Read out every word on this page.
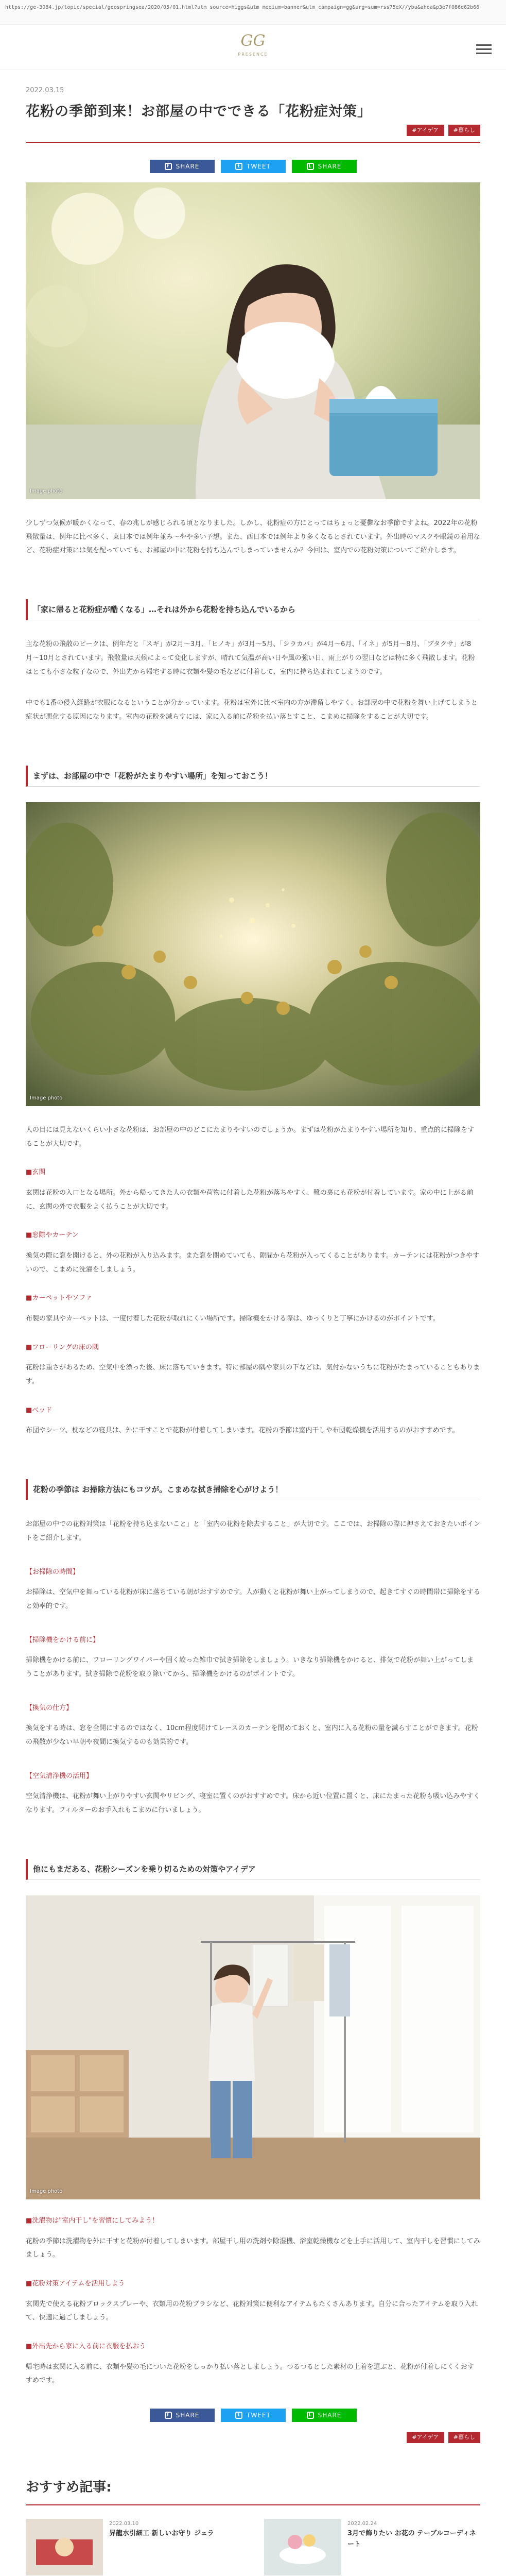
https://ge-3084.jp/topic/special/geospringsea/2020/05/01.html?utm_source=higgs&utm_medium=banner&utm_campaign=gg&urg=sum=rss75eX//ybu&ahoa&p3e7f086d62b66
GG
PRESENCE
2022.03.15
花粉の季節到来！お部屋の中でできる「花粉症対策」
#アイデア	#暮らし
f	SHARE	t	TWEET	L SHARE
Image photo

少しずつ気候が暖かくなって、春の兆しが感じられる頃となりました。しかし、花粉症の方にとってはちょっと憂鬱なお季節ですよね。2022年の花粉飛散量は、例年に比べ多く、東日本では例年並み〜やや多い予想。また、西日本では例年より多くなるとされています。外出時のマスクや眼鏡の着用など、花粉症対策には気を配っていても、お部屋の中に花粉を持ち込んでしまっていませんか？今回は、室内での花粉対策についてご紹介します。

「家に帰ると花粉症が酷くなる」…それは外から花粉を持ち込んでいるから

主な花粉の飛散のピークは、例年だと「スギ」が2月〜3月、「ヒノキ」が3月〜5月、「シラカバ」が4月〜6月、「イネ」が5月〜8月、「ブタクサ」が8月〜10月とされています。飛散量は天候によって変化しますが、晴れて気温が高い日や風の強い日、雨上がりの翌日などは特に多く飛散します。花粉はとても小さな粒子なので、外出先から帰宅する時に衣類や髪の毛などに付着して、室内に持ち込まれてしまうのです。

中でも1番の侵入経路が衣服になるということが分かっています。花粉は室外に比べ室内の方が滞留しやすく、お部屋の中で花粉を舞い上げてしまうと症状が悪化する原因になります。室内の花粉を減らすには、家に入る前に花粉を払い落とすこと、こまめに掃除をすることが大切です。

まずは、お部屋の中で「花粉がたまりやすい場所」を知っておこう！
Image photo

人の目には見えないくらい小さな花粉は、お部屋の中のどこにたまりやすいのでしょうか。まずは花粉がたまりやすい場所を知り、重点的に掃除をすることが大切です。

■玄関

玄関は花粉の入口となる場所。外から帰ってきた人の衣類や荷物に付着した花粉が落ちやすく、靴の裏にも花粉が付着しています。家の中に上がる前に、玄関の外で衣服をよく払うことが大切です。

■窓際やカーテン

換気の際に窓を開けると、外の花粉が入り込みます。また窓を閉めていても、隙間から花粉が入ってくることがあります。カーテンには花粉がつきやすいので、こまめに洗濯をしましょう。

■カーペットやソファ

布製の家具やカーペットは、一度付着した花粉が取れにくい場所です。掃除機をかける際は、ゆっくりと丁寧にかけるのがポイントです。

■フローリングの床の隅

花粉は重さがあるため、空気中を漂った後、床に落ちていきます。特に部屋の隅や家具の下などは、気付かないうちに花粉がたまっていることもあります。

■ベッド

布団やシーツ、枕などの寝具は、外に干すことで花粉が付着してしまいます。花粉の季節は室内干しや布団乾燥機を活用するのがおすすめです。

花粉の季節は お掃除方法にもコツが。こまめな拭き掃除を心がけよう！

お部屋の中での花粉対策は「花粉を持ち込まないこと」と「室内の花粉を除去すること」が大切です。ここでは、お掃除の際に押さえておきたいポイントをご紹介します。

【お掃除の時間】

お掃除は、空気中を舞っている花粉が床に落ちている朝がおすすめです。人が動くと花粉が舞い上がってしまうので、起きてすぐの時間帯に掃除をすると効率的です。

【掃除機をかける前に】

掃除機をかける前に、フローリングワイパーや固く絞った雑巾で拭き掃除をしましょう。いきなり掃除機をかけると、排気で花粉が舞い上がってしまうことがあります。拭き掃除で花粉を取り除いてから、掃除機をかけるのがポイントです。

【換気の仕方】

換気をする時は、窓を全開にするのではなく、10cm程度開けてレースのカーテンを閉めておくと、室内に入る花粉の量を減らすことができます。花粉の飛散が少ない早朝や夜間に換気するのも効果的です。

【空気清浄機の活用】

空気清浄機は、花粉が舞い上がりやすい玄関やリビング、寝室に置くのがおすすめです。床から近い位置に置くと、床にたまった花粉も吸い込みやすくなります。フィルターのお手入れもこまめに行いましょう。

他にもまだある、花粉シーズンを乗り切るための対策やアイデア
Image photo
■洗濯物は"室内干し"を習慣にしてみよう！

花粉の季節は洗濯物を外に干すと花粉が付着してしまいます。部屋干し用の洗剤や除湿機、浴室乾燥機などを上手に活用して、室内干しを習慣にしてみましょう。

■花粉対策アイテムを活用しよう

玄関先で使える花粉ブロックスプレーや、衣類用の花粉ブラシなど、花粉対策に便利なアイテムもたくさんあります。自分に合ったアイテムを取り入れて、快適に過ごしましょう。

■外出先から家に入る前に衣服を払おう

帰宅時は玄関に入る前に、衣類や髪の毛についた花粉をしっかり払い落としましょう。つるつるとした素材の上着を選ぶと、花粉が付着しにくくおすすめです。

f	SHARE	t	TWEET	L SHARE
#アイデア	#暮らし
おすすめ記事:
2022.03.10
昇龍水引細工 新しいお守り ジェラ
2022.02.24
3月で飾りたい お花の テーブルコーディネート
